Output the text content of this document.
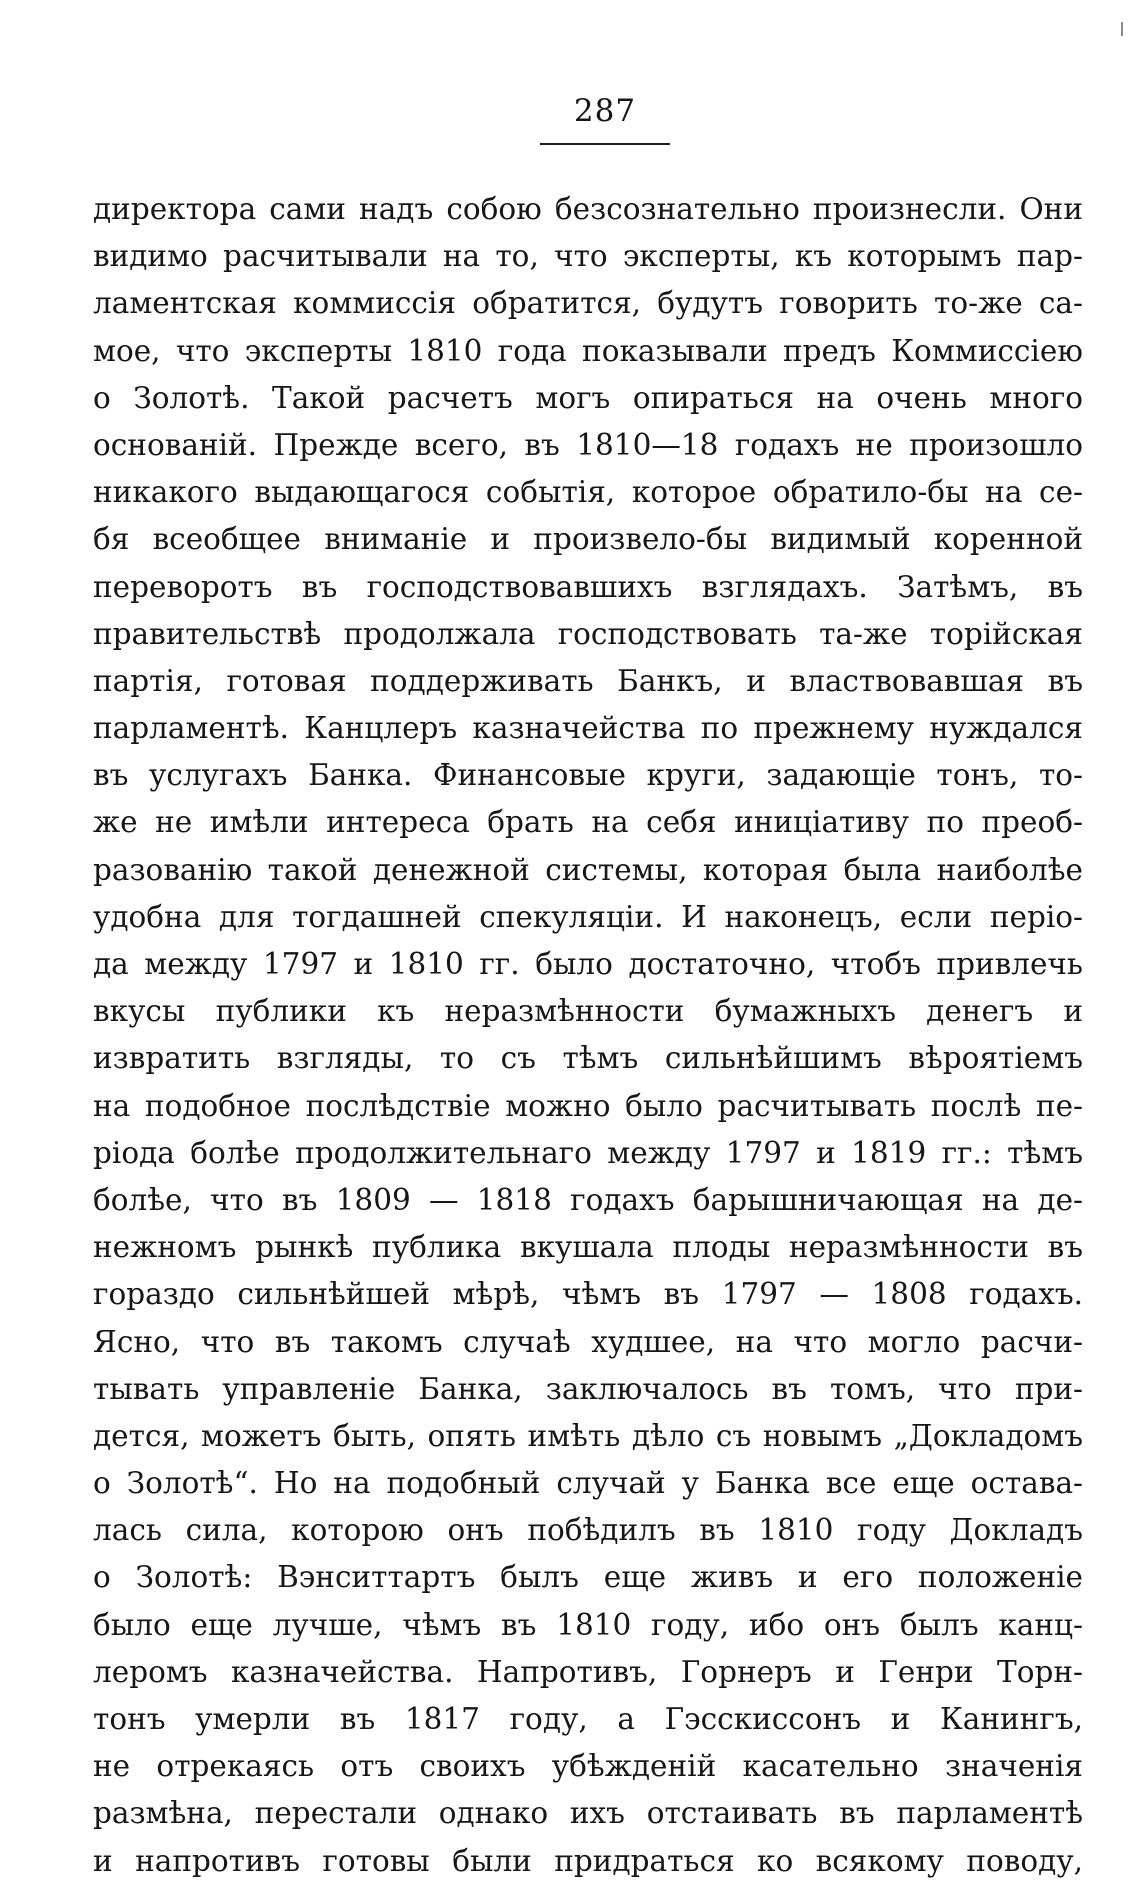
287
директора сами надъ собою безсознательно произнесли. Они
видимо расчитывали на то, что эксперты, къ которымъ пар-
ламентская коммиссія обратится, будутъ говорить то-же са-
мое, что эксперты 1810 года показывали предъ Коммиссіею
о Золотѣ. Такой расчетъ могъ опираться на очень много
основаній. Прежде всего, въ 1810—18 годахъ не произошло
никакого выдающагося событія, которое обратило-бы на се-
бя всеобщее вниманіе и произвело-бы видимый коренной
переворотъ въ господствовавшихъ взглядахъ. Затѣмъ, въ
правительствѣ продолжала господствовать та-же торійская
партія, готовая поддерживать Банкъ, и властвовавшая въ
парламентѣ. Канцлеръ казначейства по прежнему нуждался
въ услугахъ Банка. Финансовые круги, задающіе тонъ, то-
же не имѣли интереса брать на себя иниціативу по преоб-
разованію такой денежной системы, которая была наиболѣе
удобна для тогдашней спекуляціи. И наконецъ, если періо-
да между 1797 и 1810 гг. было достаточно, чтобъ привлечь
вкусы публики къ неразмѣнности бумажныхъ денегъ и
извратить взгляды, то съ тѣмъ сильнѣйшимъ вѣроятіемъ
на подобное послѣдствіе можно было расчитывать послѣ пе-
ріода болѣе продолжительнаго между 1797 и 1819 гг.: тѣмъ
болѣе, что въ 1809 — 1818 годахъ барышничающая на де-
нежномъ рынкѣ публика вкушала плоды неразмѣнности въ
гораздо сильнѣйшей мѣрѣ, чѣмъ въ 1797 — 1808 годахъ.
Ясно, что въ такомъ случаѣ худшее, на что могло расчи-
тывать управленіе Банка, заключалось въ томъ, что при-
дется, можетъ быть, опять имѣть дѣло съ новымъ „Докладомъ
о Золотѣ“. Но на подобный случай у Банка все еще остава-
лась сила, которою онъ побѣдилъ въ 1810 году Докладъ
о Золотѣ: Вэнситтартъ былъ еще живъ и его положеніе
было еще лучше, чѣмъ въ 1810 году, ибо онъ былъ канц-
леромъ казначейства. Напротивъ, Горнеръ и Генри Торн-
тонъ умерли въ 1817 году, а Гэсскиссонъ и Канингъ,
не отрекаясь отъ своихъ убѣжденій касательно значенія
размѣна, перестали однако ихъ отстаивать въ парламентѣ
и напротивъ готовы были придраться ко всякому поводу,
